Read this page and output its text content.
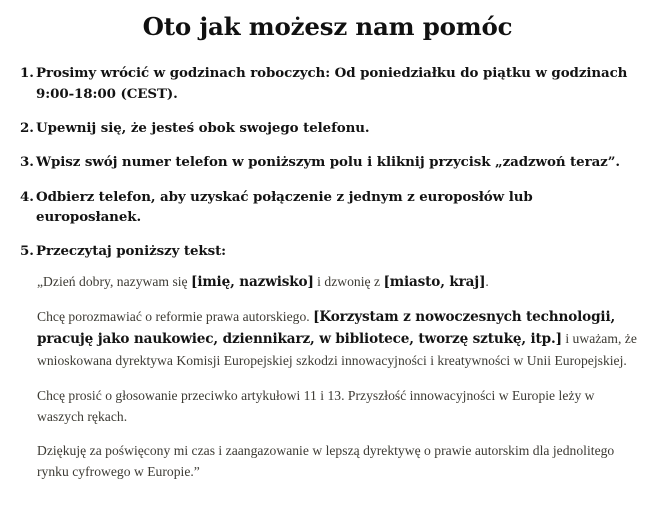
Oto jak możesz nam pomóc
1. Prosimy wrócić w godzinach roboczych: Od poniedziałku do piątku w godzinach 9:00-18:00 (CEST).
2. Upewnij się, że jesteś obok swojego telefonu.
3. Wpisz swój numer telefon w poniższym polu i kliknij przycisk „zadzwoń teraz”.
4. Odbierz telefon, aby uzyskać połączenie z jednym z europosłów lub europosłanek.
5. Przeczytaj poniższy tekst:

„Dzień dobry, nazywam się [imię, nazwisko] i dzwonię z [miasto, kraj].

Chcę porozmawiać o reformie prawa autorskiego. [Korzystam z nowoczesnych technologii, pracuję jako naukowiec, dziennikarz, w bibliotece, tworzę sztukę, itp.] i uważam, że wnioskowana dyrektywa Komisji Europejskiej szkodzi innowacyjności i kreatywności w Unii Europejskiej.

Chcę prosić o głosowanie przeciwko artykułowi 11 i 13. Przyszłość innowacyjności w Europie leży w waszych rękach.

Dziękuję za poświęcony mi czas i zaangazowanie w lepszą dyrektywę o prawie autorskim dla jednolitego rynku cyfrowego w Europie.”
